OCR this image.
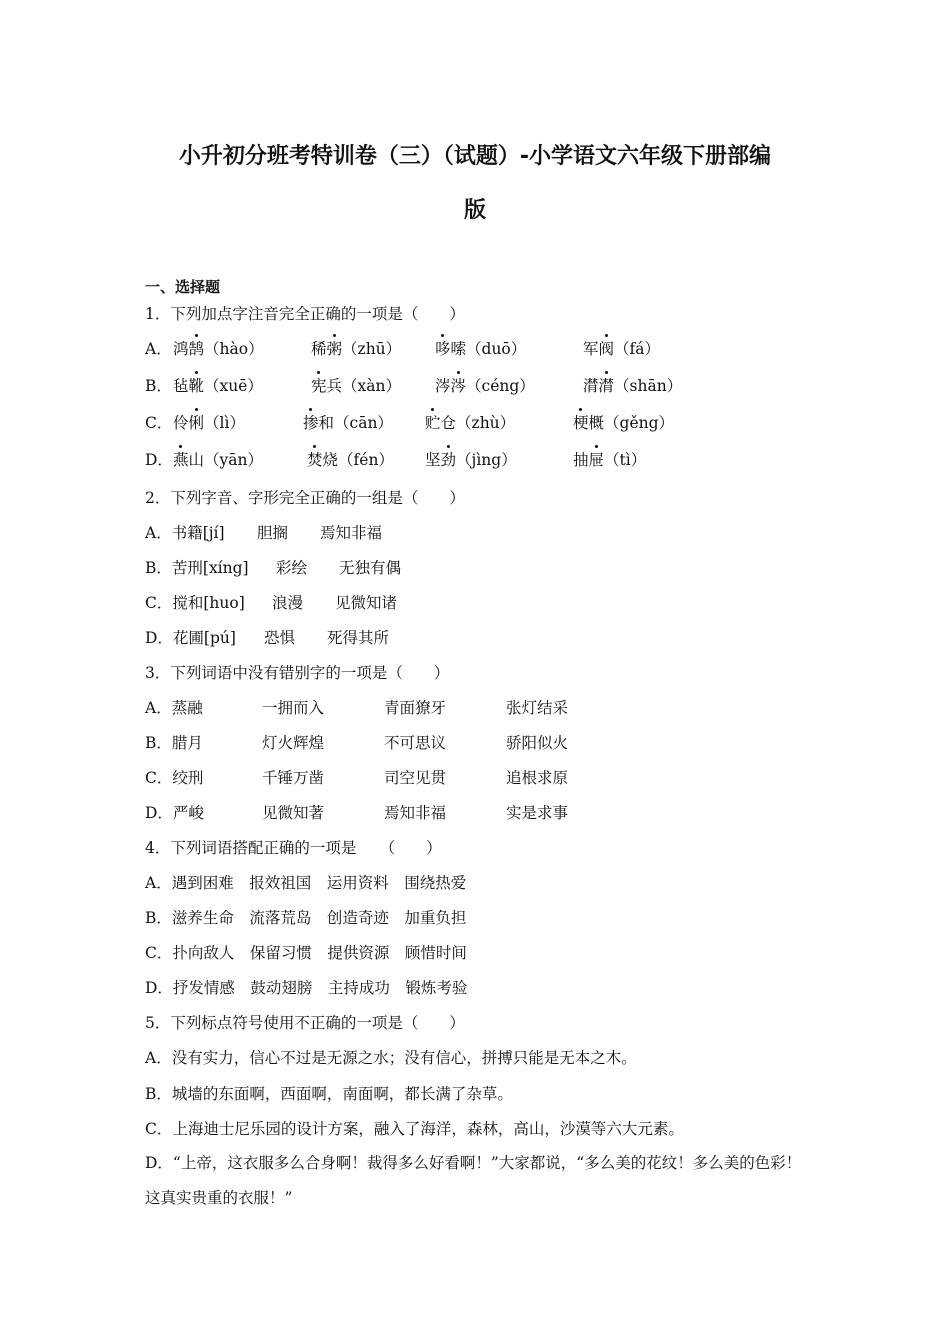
小升初分班考特训卷（三）（试题）-小学语文六年级下册部编
版
一、选择题
1．下列加点字注音完全正确的一项是（　　）
A． 鸿鹄（hào）	稀粥（zhū） 哆嗦（duō）	军阀（fá）
B． 毡靴（xuē）	宪兵（xàn） 涔涔（céng）	潸潸（shān）
C． 伶俐（lì）	掺和（cān） 贮仓（zhù）	梗概（gěng）
D． 燕山（yān）	焚烧（fén） 坚劲（jìng）	抽屉（tì）
2．下列字音、字形完全正确的一组是（　　）
A．书籍[jí] 胆搁 焉知非福
B．苦刑[xíng] 彩绘 无独有偶
C．搅和[huo] 浪漫 见微知诸
D．花圃[pú] 恐惧 死得其所
3．下列词语中没有错别字的一项是（　　）
A．蒸融	一拥而入	青面獠牙	张灯结采
B．腊月	灯火辉煌	不可思议	骄阳似火
C．绞刑	千锤万凿	司空见贯	追根求原
D．严峻	见微知著	焉知非福	实是求事
4．下列词语搭配正确的一项是　　（　　）
A．遇到困难　报效祖国　运用资料　围绕热爱
B．滋养生命　流落荒岛　创造奇迹　加重负担
C．扑向敌人　保留习惯　提供资源　顾惜时间
D．抒发情感　鼓动翅膀　主持成功　锻炼考验
5．下列标点符号使用不正确的一项是（　　）
A．没有实力，信心不过是无源之水；没有信心，拼搏只能是无本之木。
B．城墙的东面啊，西面啊，南面啊，都长满了杂草。
C．上海迪士尼乐园的设计方案，融入了海洋，森林，高山，沙漠等六大元素。
D．“上帝，这衣服多么合身啊！裁得多么好看啊！”大家都说，“多么美的花纹！多么美的色彩！这真实贵重的衣服！”
